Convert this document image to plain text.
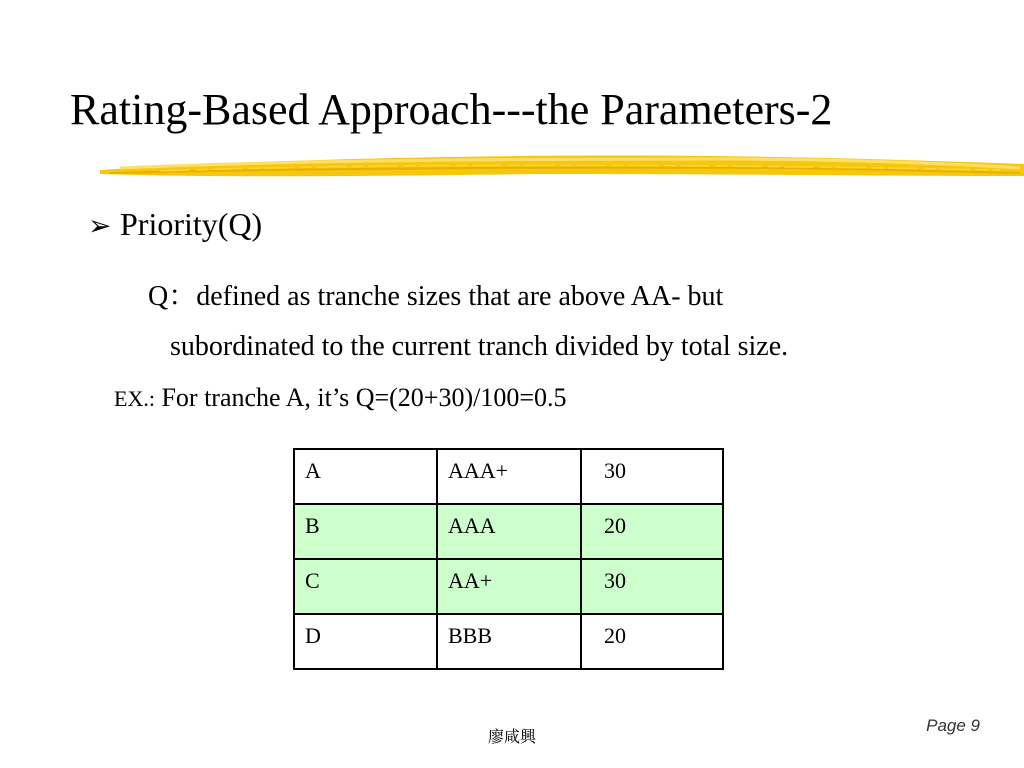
Rating-Based Approach---the Parameters-2
➢ Priority(Q)
Q：defined as tranche sizes that are above AA- but
subordinated to the current tranch divided by total size.
EX.: For tranche A, it’s Q=(20+30)/100=0.5
A	AAA+	30
B	AAA	20
C	AA+	30
D	BBB	20
廖咸興
Page 9
